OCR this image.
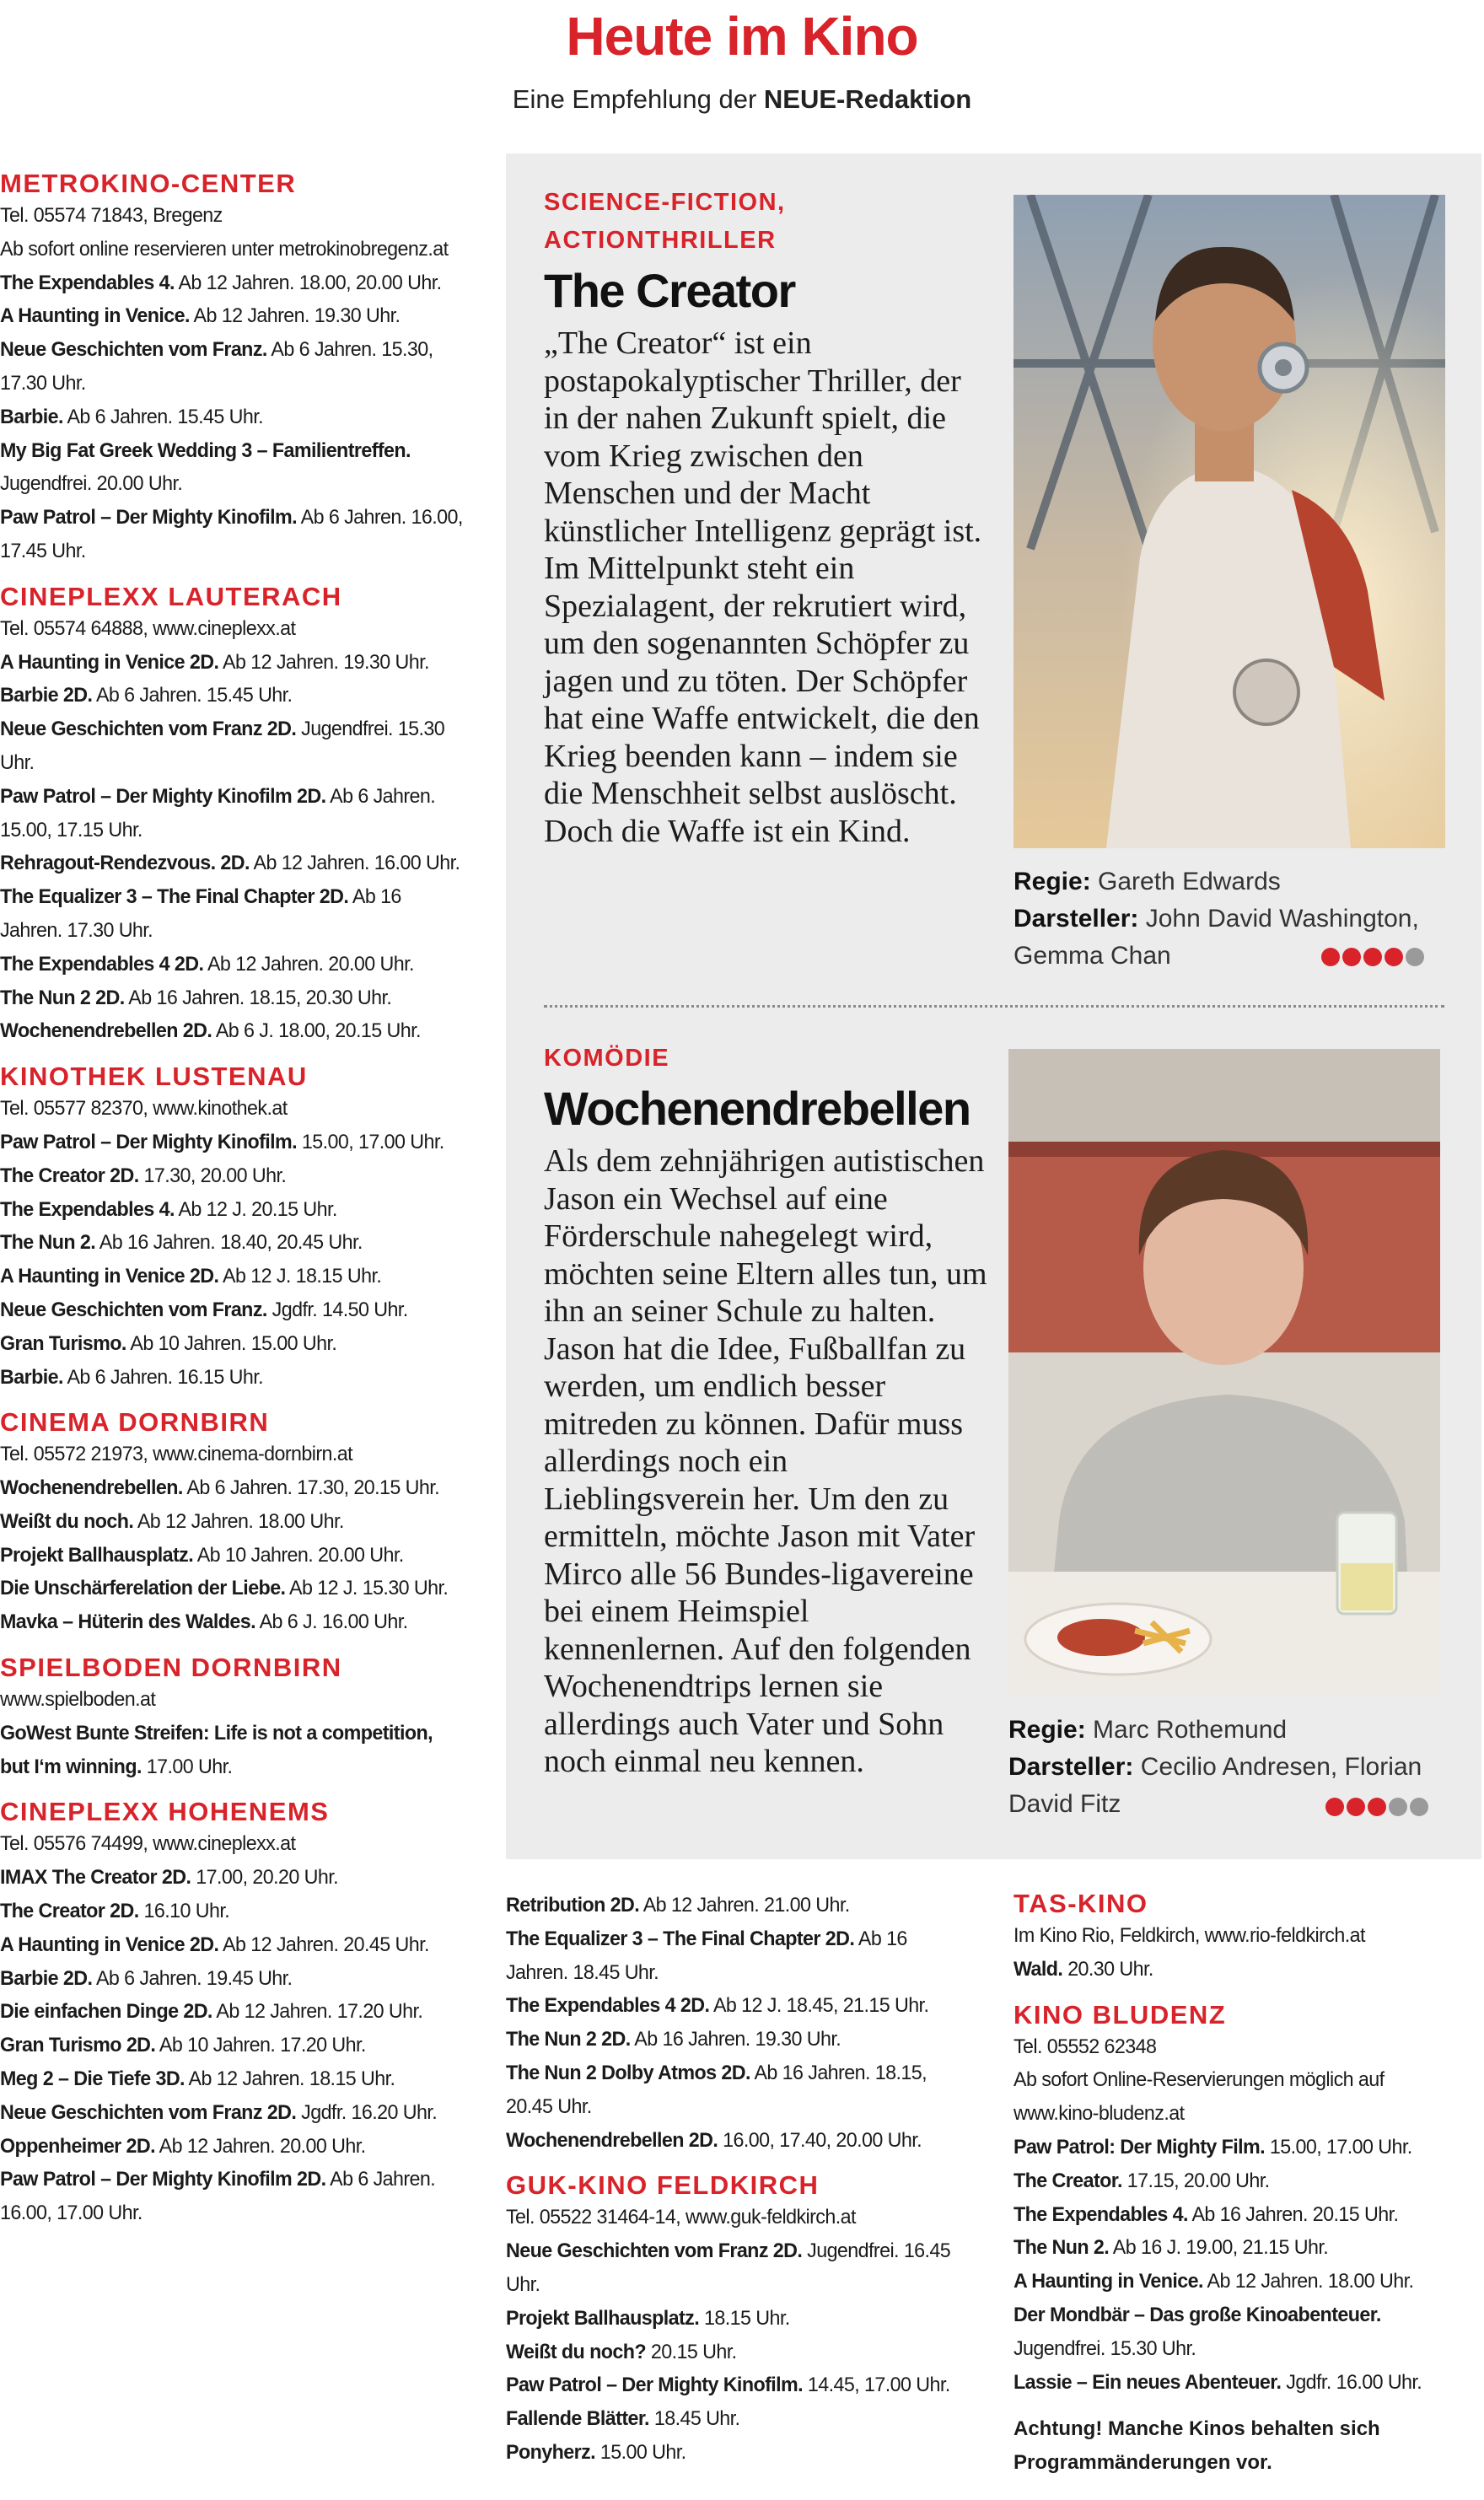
Heute im Kino
Eine Empfehlung der NEUE-Redaktion
METROKINO-CENTER

Tel. 05574 71843, Bregenz

Ab sofort online reservieren unter metrokinobregenz.at

The Expendables 4. Ab 12 Jahren. 18.00, 20.00 Uhr.

A Haunting in Venice. Ab 12 Jahren. 19.30 Uhr.

Neue Geschichten vom Franz. Ab 6 Jahren. 15.30, 17.30 Uhr.

Barbie. Ab 6 Jahren. 15.45 Uhr.

My Big Fat Greek Wedding 3 – Familientreffen. Jugendfrei. 20.00 Uhr.

Paw Patrol – Der Mighty Kinofilm. Ab 6 Jahren. 16.00, 17.45 Uhr.

CINEPLEXX LAUTERACH

Tel. 05574 64888, www.cineplexx.at

A Haunting in Venice 2D. Ab 12 Jahren. 19.30 Uhr.

Barbie 2D. Ab 6 Jahren. 15.45 Uhr.

Neue Geschichten vom Franz 2D. Jugendfrei. 15.30 Uhr.

Paw Patrol – Der Mighty Kinofilm 2D. Ab 6 Jahren. 15.00, 17.15 Uhr.

Rehragout-Rendezvous. 2D. Ab 12 Jahren. 16.00 Uhr.

The Equalizer 3 – The Final Chapter 2D. Ab 16 Jahren. 17.30 Uhr.

The Expendables 4 2D. Ab 12 Jahren. 20.00 Uhr.

The Nun 2 2D. Ab 16 Jahren. 18.15, 20.30 Uhr.

Wochenendrebellen 2D. Ab 6 J. 18.00, 20.15 Uhr.

KINOTHEK LUSTENAU

Tel. 05577 82370, www.kinothek.at

Paw Patrol – Der Mighty Kinofilm. 15.00, 17.00 Uhr.

The Creator 2D. 17.30, 20.00 Uhr.

The Expendables 4. Ab 12 J. 20.15 Uhr.

The Nun 2. Ab 16 Jahren. 18.40, 20.45 Uhr.

A Haunting in Venice 2D. Ab 12 J. 18.15 Uhr.

Neue Geschichten vom Franz. Jgdfr. 14.50 Uhr.

Gran Turismo. Ab 10 Jahren. 15.00 Uhr.

Barbie. Ab 6 Jahren. 16.15 Uhr.

CINEMA DORNBIRN

Tel. 05572 21973, www.cinema-dornbirn.at

Wochenendrebellen. Ab 6 Jahren. 17.30, 20.15 Uhr.

Weißt du noch. Ab 12 Jahren. 18.00 Uhr.

Projekt Ballhausplatz. Ab 10 Jahren. 20.00 Uhr.

Die Unschärferelation der Liebe. Ab 12 J. 15.30 Uhr.

Mavka – Hüterin des Waldes. Ab 6 J. 16.00 Uhr.

SPIELBODEN DORNBIRN

www.spielboden.at

GoWest Bunte Streifen: Life is not a competition, but I‘m winning. 17.00 Uhr.

CINEPLEXX HOHENEMS

Tel. 05576 74499, www.cineplexx.at

IMAX The Creator 2D. 17.00, 20.20 Uhr.

The Creator 2D. 16.10 Uhr.

A Haunting in Venice 2D. Ab 12 Jahren. 20.45 Uhr.

Barbie 2D. Ab 6 Jahren. 19.45 Uhr.

Die einfachen Dinge 2D. Ab 12 Jahren. 17.20 Uhr.

Gran Turismo 2D. Ab 10 Jahren. 17.20 Uhr.

Meg 2 – Die Tiefe 3D. Ab 12 Jahren. 18.15 Uhr.

Neue Geschichten vom Franz 2D. Jgdfr. 16.20 Uhr.

Oppenheimer 2D. Ab 12 Jahren. 20.00 Uhr.

Paw Patrol – Der Mighty Kinofilm 2D. Ab 6 Jahren. 16.00, 17.00 Uhr.

SCIENCE-FICTION,
ACTIONTHRILLER
The Creator
„The Creator“ ist ein postapokalyptischer Thriller, der in der nahen Zukunft spielt, die vom Krieg zwischen den Menschen und der Macht künstlicher Intelligenz geprägt ist. Im Mittelpunkt steht ein Spezialagent, der rekrutiert wird, um den sogenannten Schöpfer zu jagen und zu töten. Der Schöpfer hat eine Waffe entwickelt, die den Krieg beenden kann – indem sie die Menschheit selbst auslöscht. Doch die Waffe ist ein Kind.
Regie: Gareth Edwards
Darsteller: John David Washington, Gemma Chan
KOMÖDIE
Wochenendrebellen
Als dem zehnjährigen autistischen Jason ein Wechsel auf eine Förderschule nahegelegt wird, möchten seine Eltern alles tun, um ihn an seiner Schule zu halten. Jason hat die Idee, Fußballfan zu werden, um endlich besser mitreden zu können. Dafür muss allerdings noch ein Lieblingsverein her. Um den zu ermitteln, möchte Jason mit Vater Mirco alle 56 Bundes-ligavereine bei einem Heimspiel kennenlernen. Auf den folgenden Wochenendtrips lernen sie allerdings auch Vater und Sohn noch einmal neu kennen.
Regie: Marc Rothemund
Darsteller: Cecilio Andresen, Florian David Fitz

Retribution 2D. Ab 12 Jahren. 21.00 Uhr.

The Equalizer 3 – The Final Chapter 2D. Ab 16 Jahren. 18.45 Uhr.

The Expendables 4 2D. Ab 12 J. 18.45, 21.15 Uhr.

The Nun 2 2D. Ab 16 Jahren. 19.30 Uhr.

The Nun 2 Dolby Atmos 2D. Ab 16 Jahren. 18.15, 20.45 Uhr.

Wochenendrebellen 2D. 16.00, 17.40, 20.00 Uhr.

GUK-KINO FELDKIRCH

Tel. 05522 31464-14, www.guk-feldkirch.at

Neue Geschichten vom Franz 2D. Jugendfrei. 16.45 Uhr.

Projekt Ballhausplatz. 18.15 Uhr.

Weißt du noch? 20.15 Uhr.

Paw Patrol – Der Mighty Kinofilm. 14.45, 17.00 Uhr.

Fallende Blätter. 18.45 Uhr.

Ponyherz. 15.00 Uhr.

TAS-KINO

Im Kino Rio, Feldkirch, www.rio-feldkirch.at

Wald. 20.30 Uhr.

KINO BLUDENZ

Tel. 05552 62348

Ab sofort Online-Reservierungen möglich auf www.kino-bludenz.at

Paw Patrol: Der Mighty Film. 15.00, 17.00 Uhr.

The Creator. 17.15, 20.00 Uhr.

The Expendables 4. Ab 16 Jahren. 20.15 Uhr.

The Nun 2. Ab 16 J. 19.00, 21.15 Uhr.

A Haunting in Venice. Ab 12 Jahren. 18.00 Uhr.

Der Mondbär – Das große Kinoabenteuer. Jugendfrei. 15.30 Uhr.

Lassie – Ein neues Abenteuer. Jgdfr. 16.00 Uhr.

Achtung! Manche Kinos behalten sich Programmänderungen vor.
